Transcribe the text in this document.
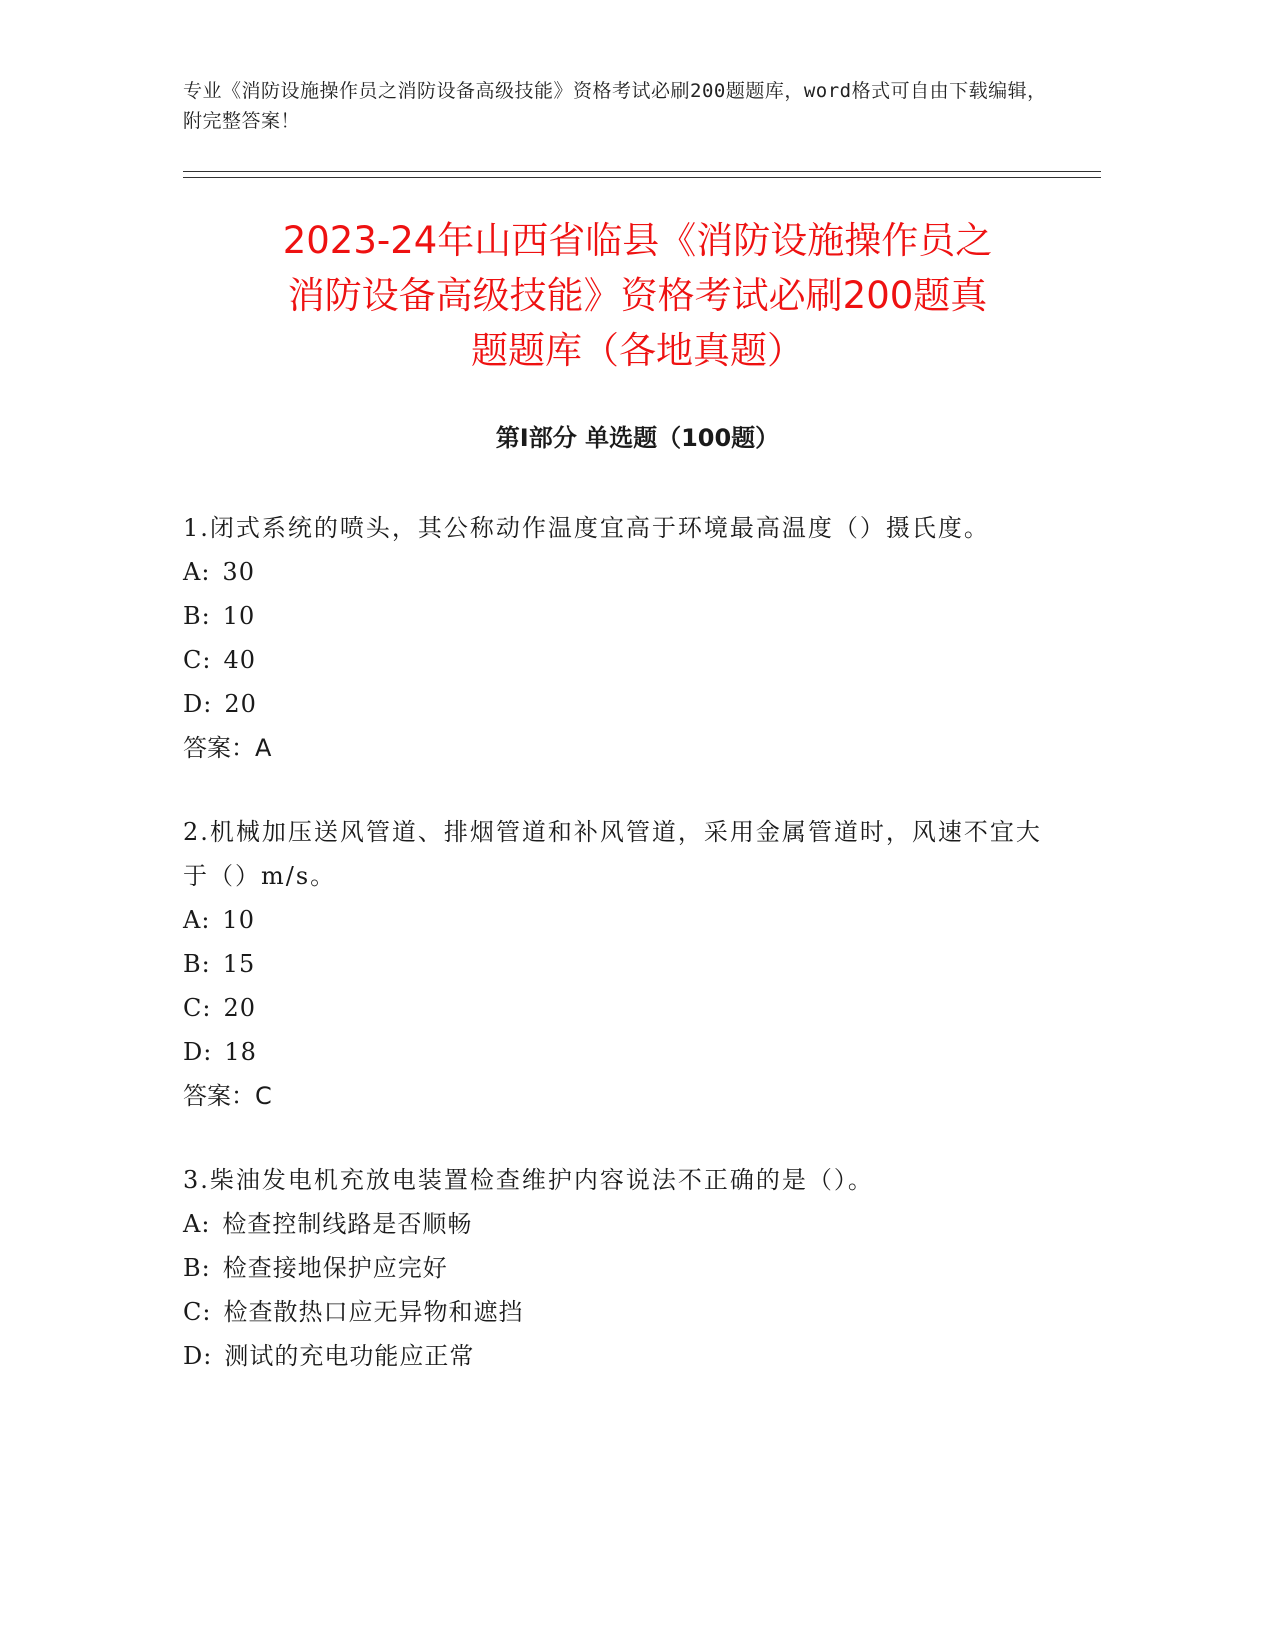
专业《消防设施操作员之消防设备高级技能》资格考试必刷200题题库，word格式可自由下载编辑，附完整答案！
2023-24年山西省临县《消防设施操作员之
消防设备高级技能》资格考试必刷200题真
题题库（各地真题）
第I部分 单选题（100题）
1.闭式系统的喷头，其公称动作温度宜高于环境最高温度（）摄氏度。
A: 30
B: 10
C: 40
D: 20
答案：A
2.机械加压送风管道、排烟管道和补风管道，采用金属管道时，风速不宜大于（）m/s。
A: 10
B: 15
C: 20
D: 18
答案：C
3.柴油发电机充放电装置检查维护内容说法不正确的是（）。
A: 检查控制线路是否顺畅
B: 检查接地保护应完好
C: 检查散热口应无异物和遮挡
D: 测试的充电功能应正常
